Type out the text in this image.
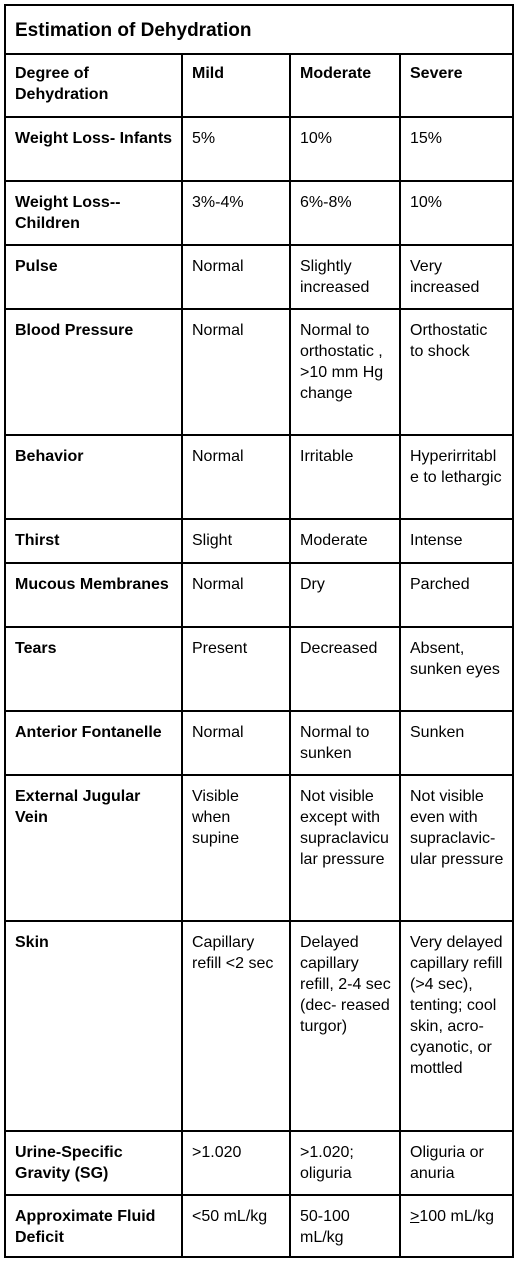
Estimation of Dehydration
Degree of Dehydration	Mild	Moderate	Severe
Weight Loss- Infants	5%	10%	15%
Weight Loss-- Children	3%-4%	6%-8%	10%
Pulse	Normal	Slightly increased	Very increased
Blood Pressure	Normal	Normal to orthostatic , >10 mm Hg change	Orthostatic to shock
Behavior	Normal	Irritable	Hyperirritable to lethargic
Thirst	Slight	Moderate	Intense
Mucous Membranes	Normal	Dry	Parched
Tears	Present	Decreased	Absent, sunken eyes
Anterior Fontanelle	Normal	Normal to sunken	Sunken
External Jugular Vein	Visible when supine	Not visible except with supraclavicular pressure	Not visible even with supraclavic- ular pressure
Skin	Capillary refill <2 sec	Delayed capillary refill, 2-4 sec (dec- reased turgor)	Very delayed capillary refill (>4 sec), tenting; cool skin, acro- cyanotic, or mottled
Urine-Specific Gravity (SG)	>1.020	>1.020; oliguria	Oliguria or anuria
Approximate Fluid Deficit	<50 mL/kg	50-100 mL/kg	≥100 mL/kg
